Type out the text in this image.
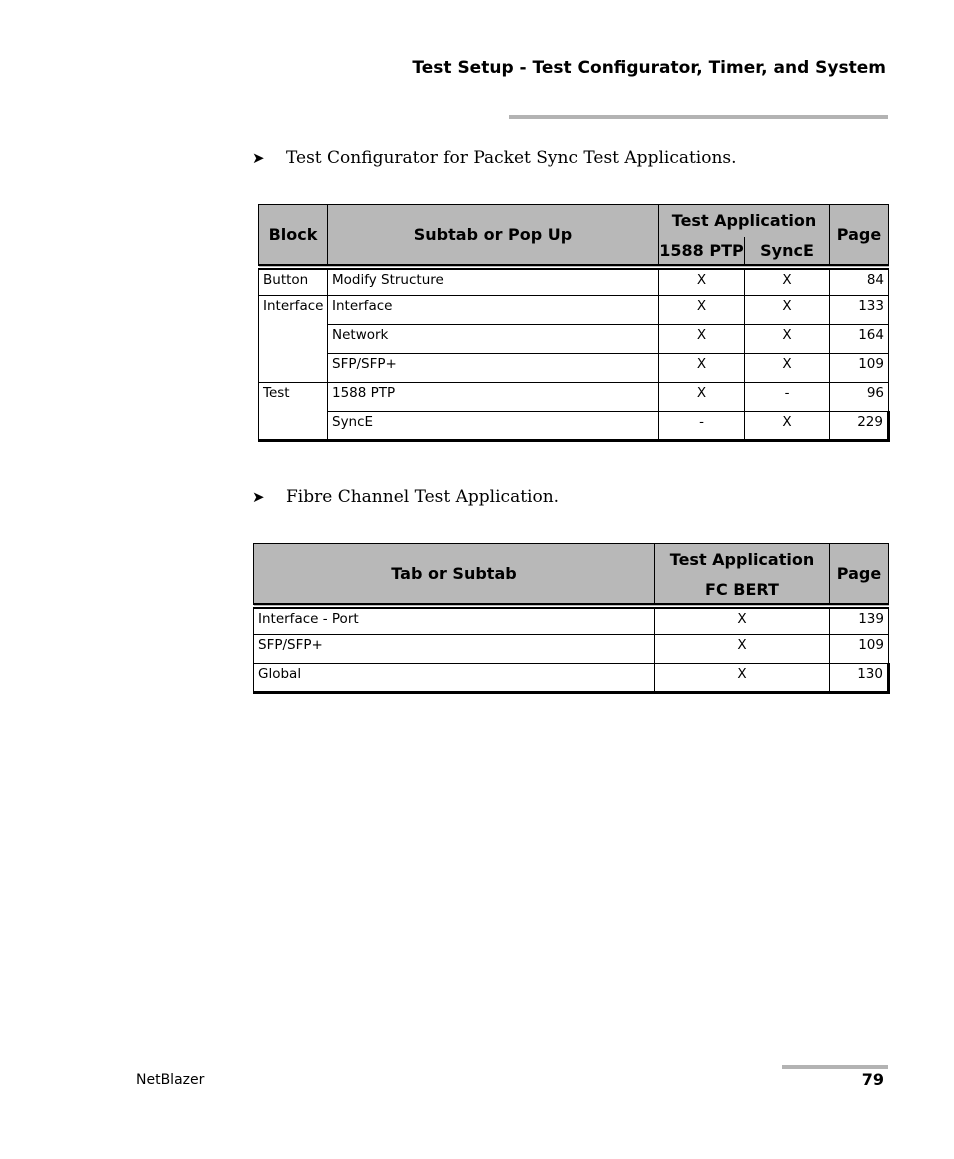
Test Setup - Test Configurator, Timer, and System
➤ Test Configurator for Packet Sync Test Applications.
Block	Subtab or Pop Up	Test Application		Page
		1588 PTP	SyncE	
Button	Modify Structure	X	X	84
Interface	Interface	X	X	133
	Network	X	X	164
	SFP/SFP+	X	X	109
Test	1588 PTP	X	-	96
	SyncE	-	X	229
➤ Fibre Channel Test Application.
Tab or Subtab	Test Application	Page
	FC BERT	
Interface - Port	X	139
SFP/SFP+	X	109
Global	X	130
NetBlazer	79
